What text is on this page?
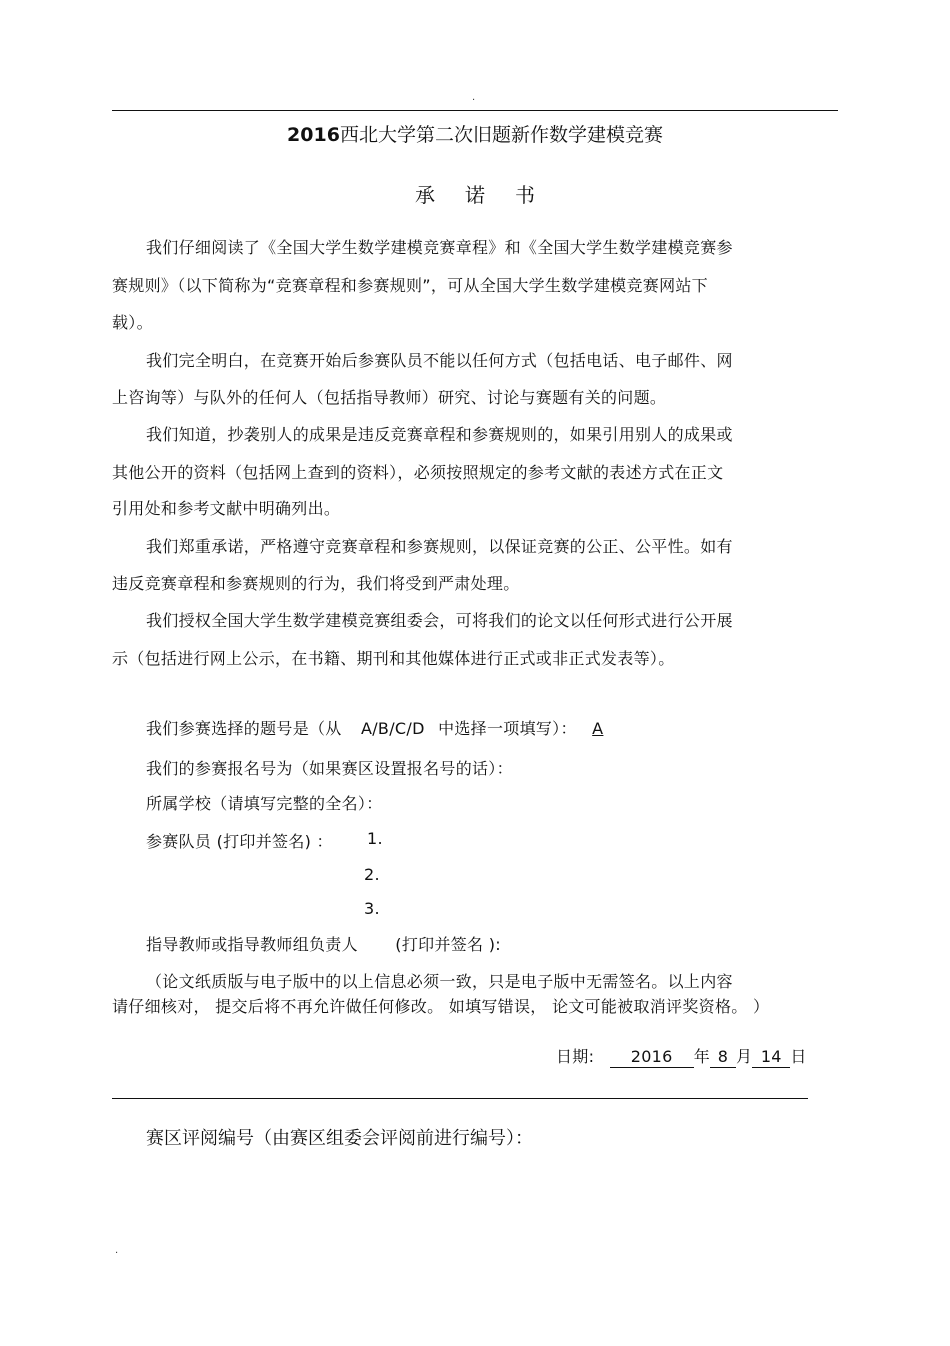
.
2016西北大学第二次旧题新作数学建模竞赛
承诺书
我们仔细阅读了《全国大学生数学建模竞赛章程》和《全国大学生数学建模竞赛参
赛规则》（以下简称为“竞赛章程和参赛规则”，可从全国大学生数学建模竞赛网站下
载）。
我们完全明白，在竞赛开始后参赛队员不能以任何方式（包括电话、电子邮件、网
上咨询等）与队外的任何人（包括指导教师）研究、讨论与赛题有关的问题。
我们知道，抄袭别人的成果是违反竞赛章程和参赛规则的，如果引用别人的成果或
其他公开的资料（包括网上查到的资料），必须按照规定的参考文献的表述方式在正文
引用处和参考文献中明确列出。
我们郑重承诺，严格遵守竞赛章程和参赛规则，以保证竞赛的公正、公平性。如有
违反竞赛章程和参赛规则的行为，我们将受到严肃处理。
我们授权全国大学生数学建模竞赛组委会，可将我们的论文以任何形式进行公开展
示（包括进行网上公示，在书籍、期刊和其他媒体进行正式或非正式发表等）。
我们参赛选择的题号是（从 A/B/C/D 中选择一项填写）： A
我们的参赛报名号为（如果赛区设置报名号的话）：
所属学校（请填写完整的全名）：
参赛队员 (打印并签名) ： 1.
2.
3.
指导教师或指导教师组负责人 (打印并签名 ):
（论文纸质版与电子版中的以上信息必须一致，只是电子版中无需签名。以上内容
请仔细核对， 提交后将不再允许做任何修改。 如填写错误， 论文可能被取消评奖资格。 ）
日期: 2016 年 8 月 14 日
赛区评阅编号（由赛区组委会评阅前进行编号）：
.
